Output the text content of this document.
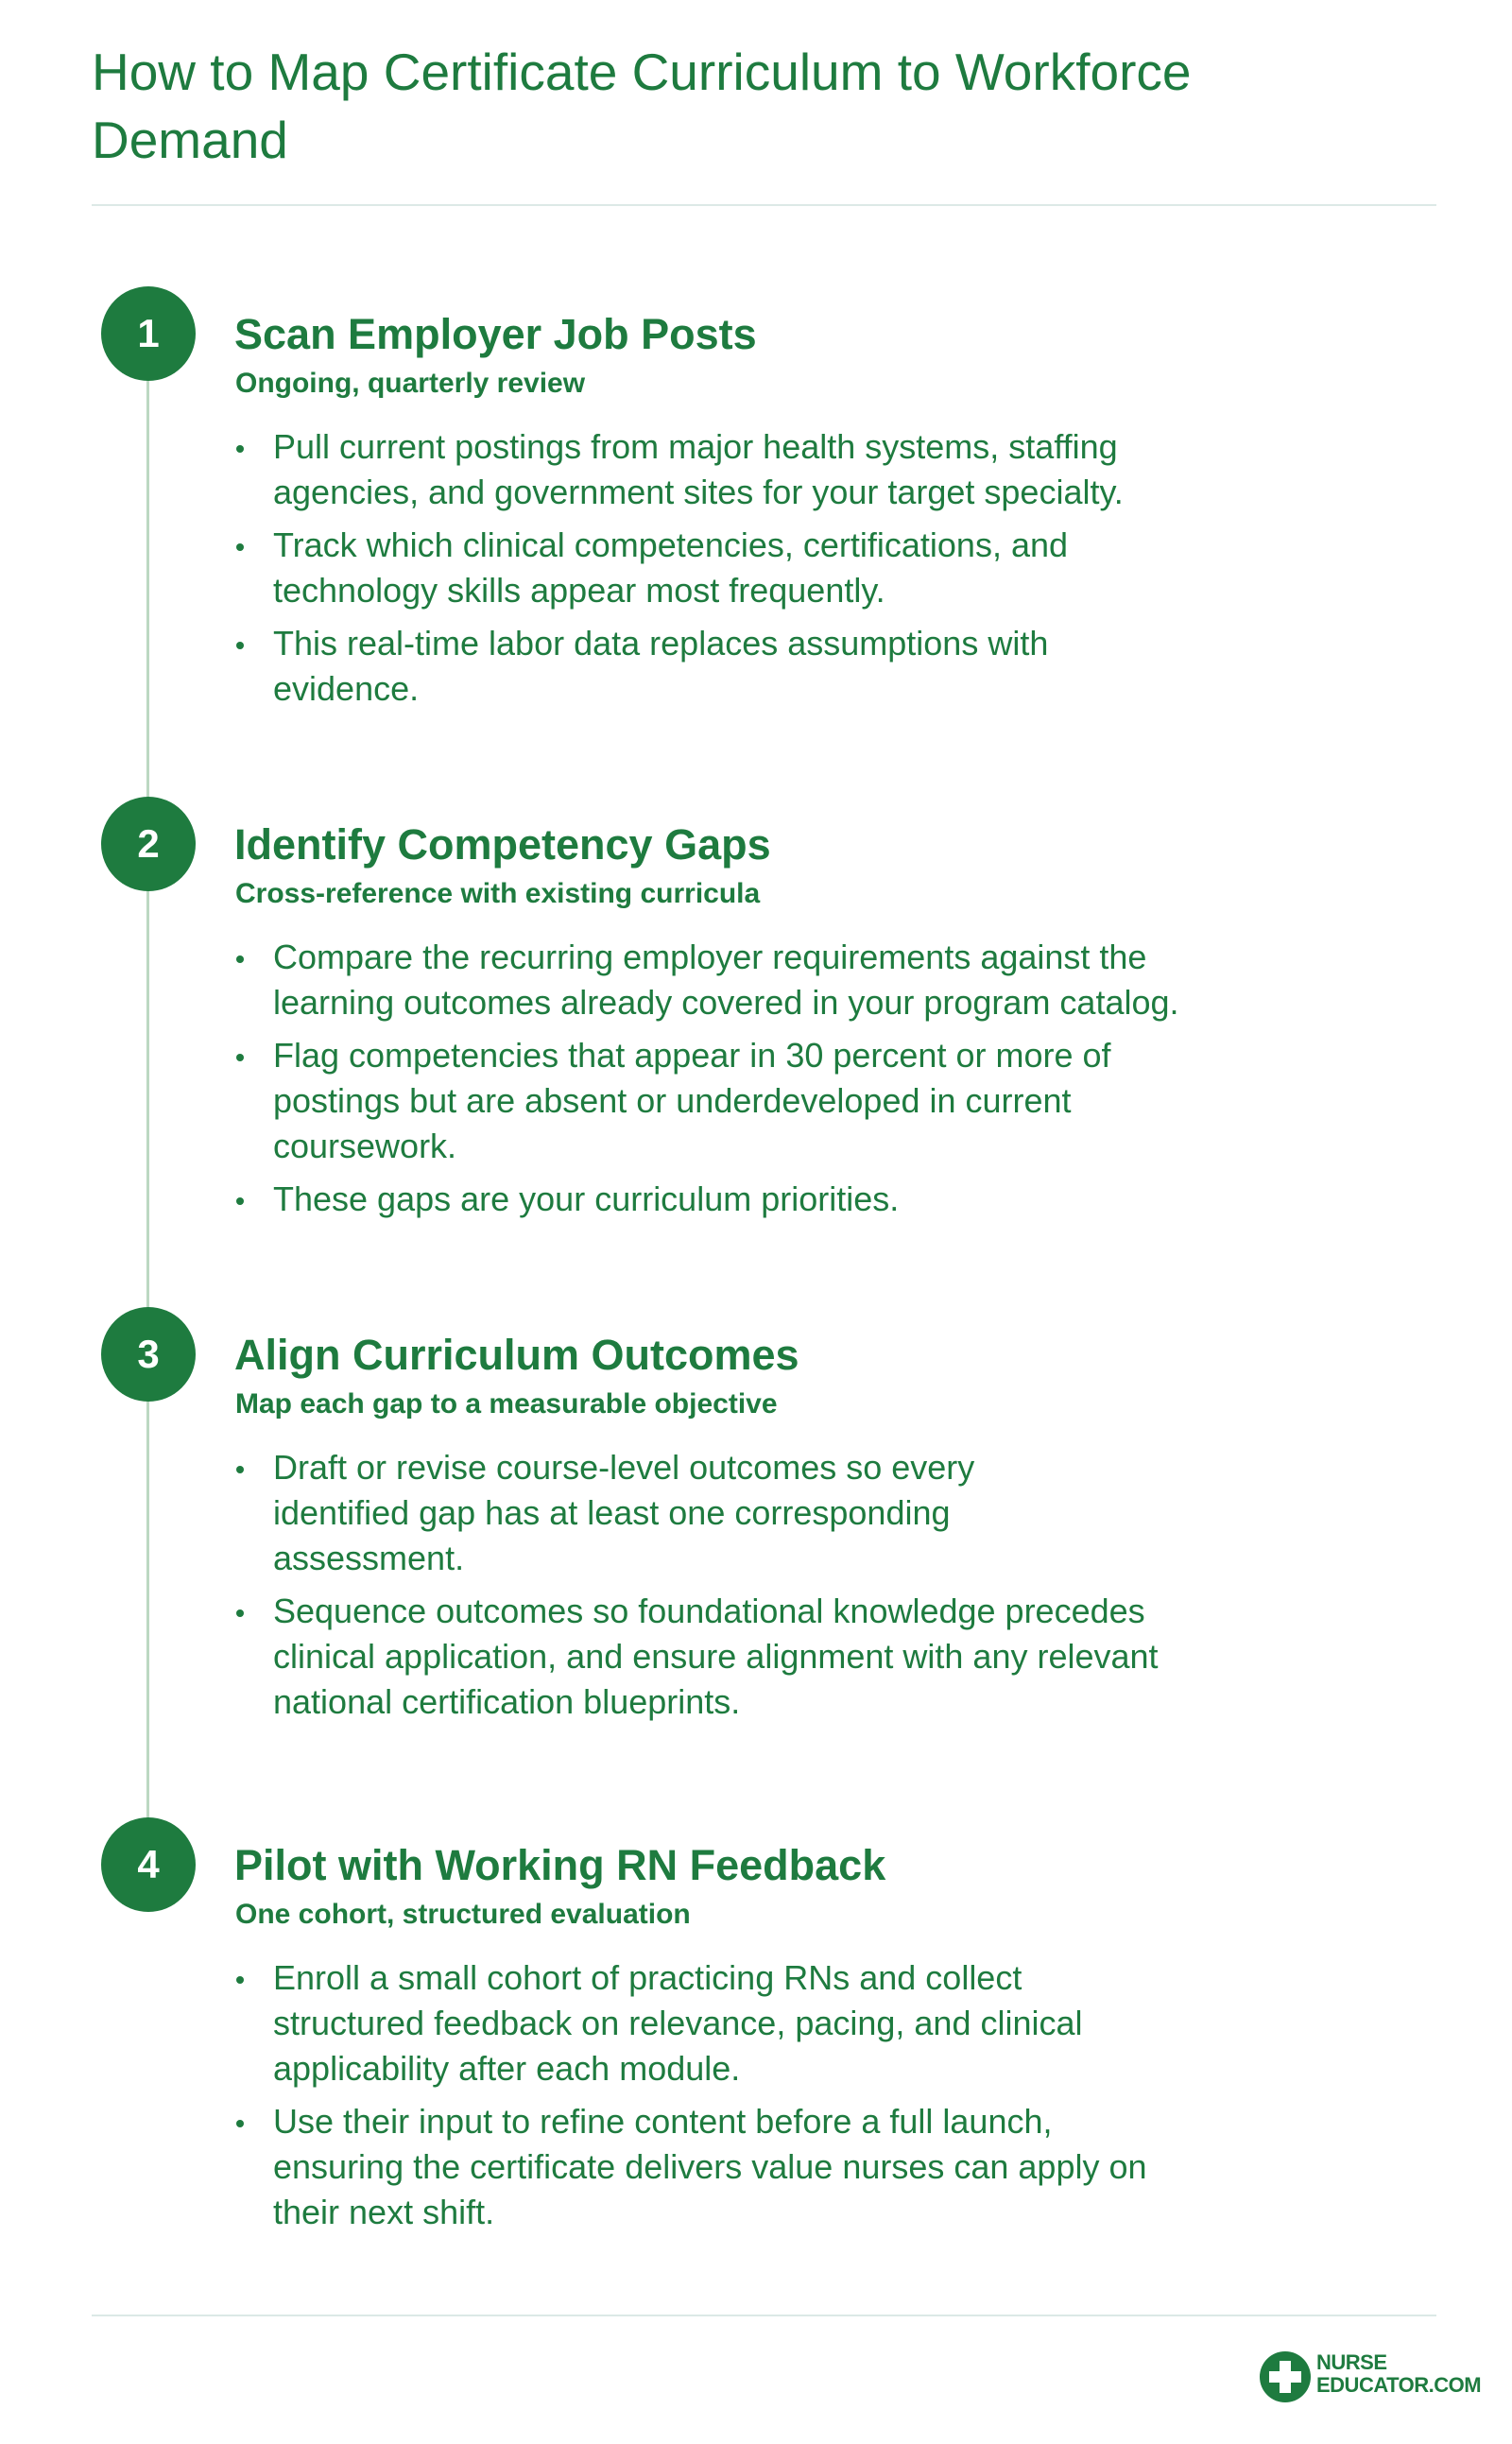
How to Map Certificate Curriculum to Workforce Demand
1	Scan Employer Job Posts
Ongoing, quarterly review
Pull current postings from major health systems, staffing agencies, and government sites for your target specialty.
Track which clinical competencies, certifications, and technology skills appear most frequently.
This real-time labor data replaces assumptions with evidence.
2	Identify Competency Gaps
Cross-reference with existing curricula
Compare the recurring employer requirements against the learning outcomes already covered in your program catalog.
Flag competencies that appear in 30 percent or more of postings but are absent or underdeveloped in current coursework.
These gaps are your curriculum priorities.
3	Align Curriculum Outcomes
Map each gap to a measurable objective
Draft or revise course-level outcomes so every identified gap has at least one corresponding assessment.
Sequence outcomes so foundational knowledge precedes clinical application, and ensure alignment with any relevant national certification blueprints.
4	Pilot with Working RN Feedback
One cohort, structured evaluation
Enroll a small cohort of practicing RNs and collect structured feedback on relevance, pacing, and clinical applicability after each module.
Use their input to refine content before a full launch, ensuring the certificate delivers value nurses can apply on their next shift.
NURSE
EDUCATOR.COM
